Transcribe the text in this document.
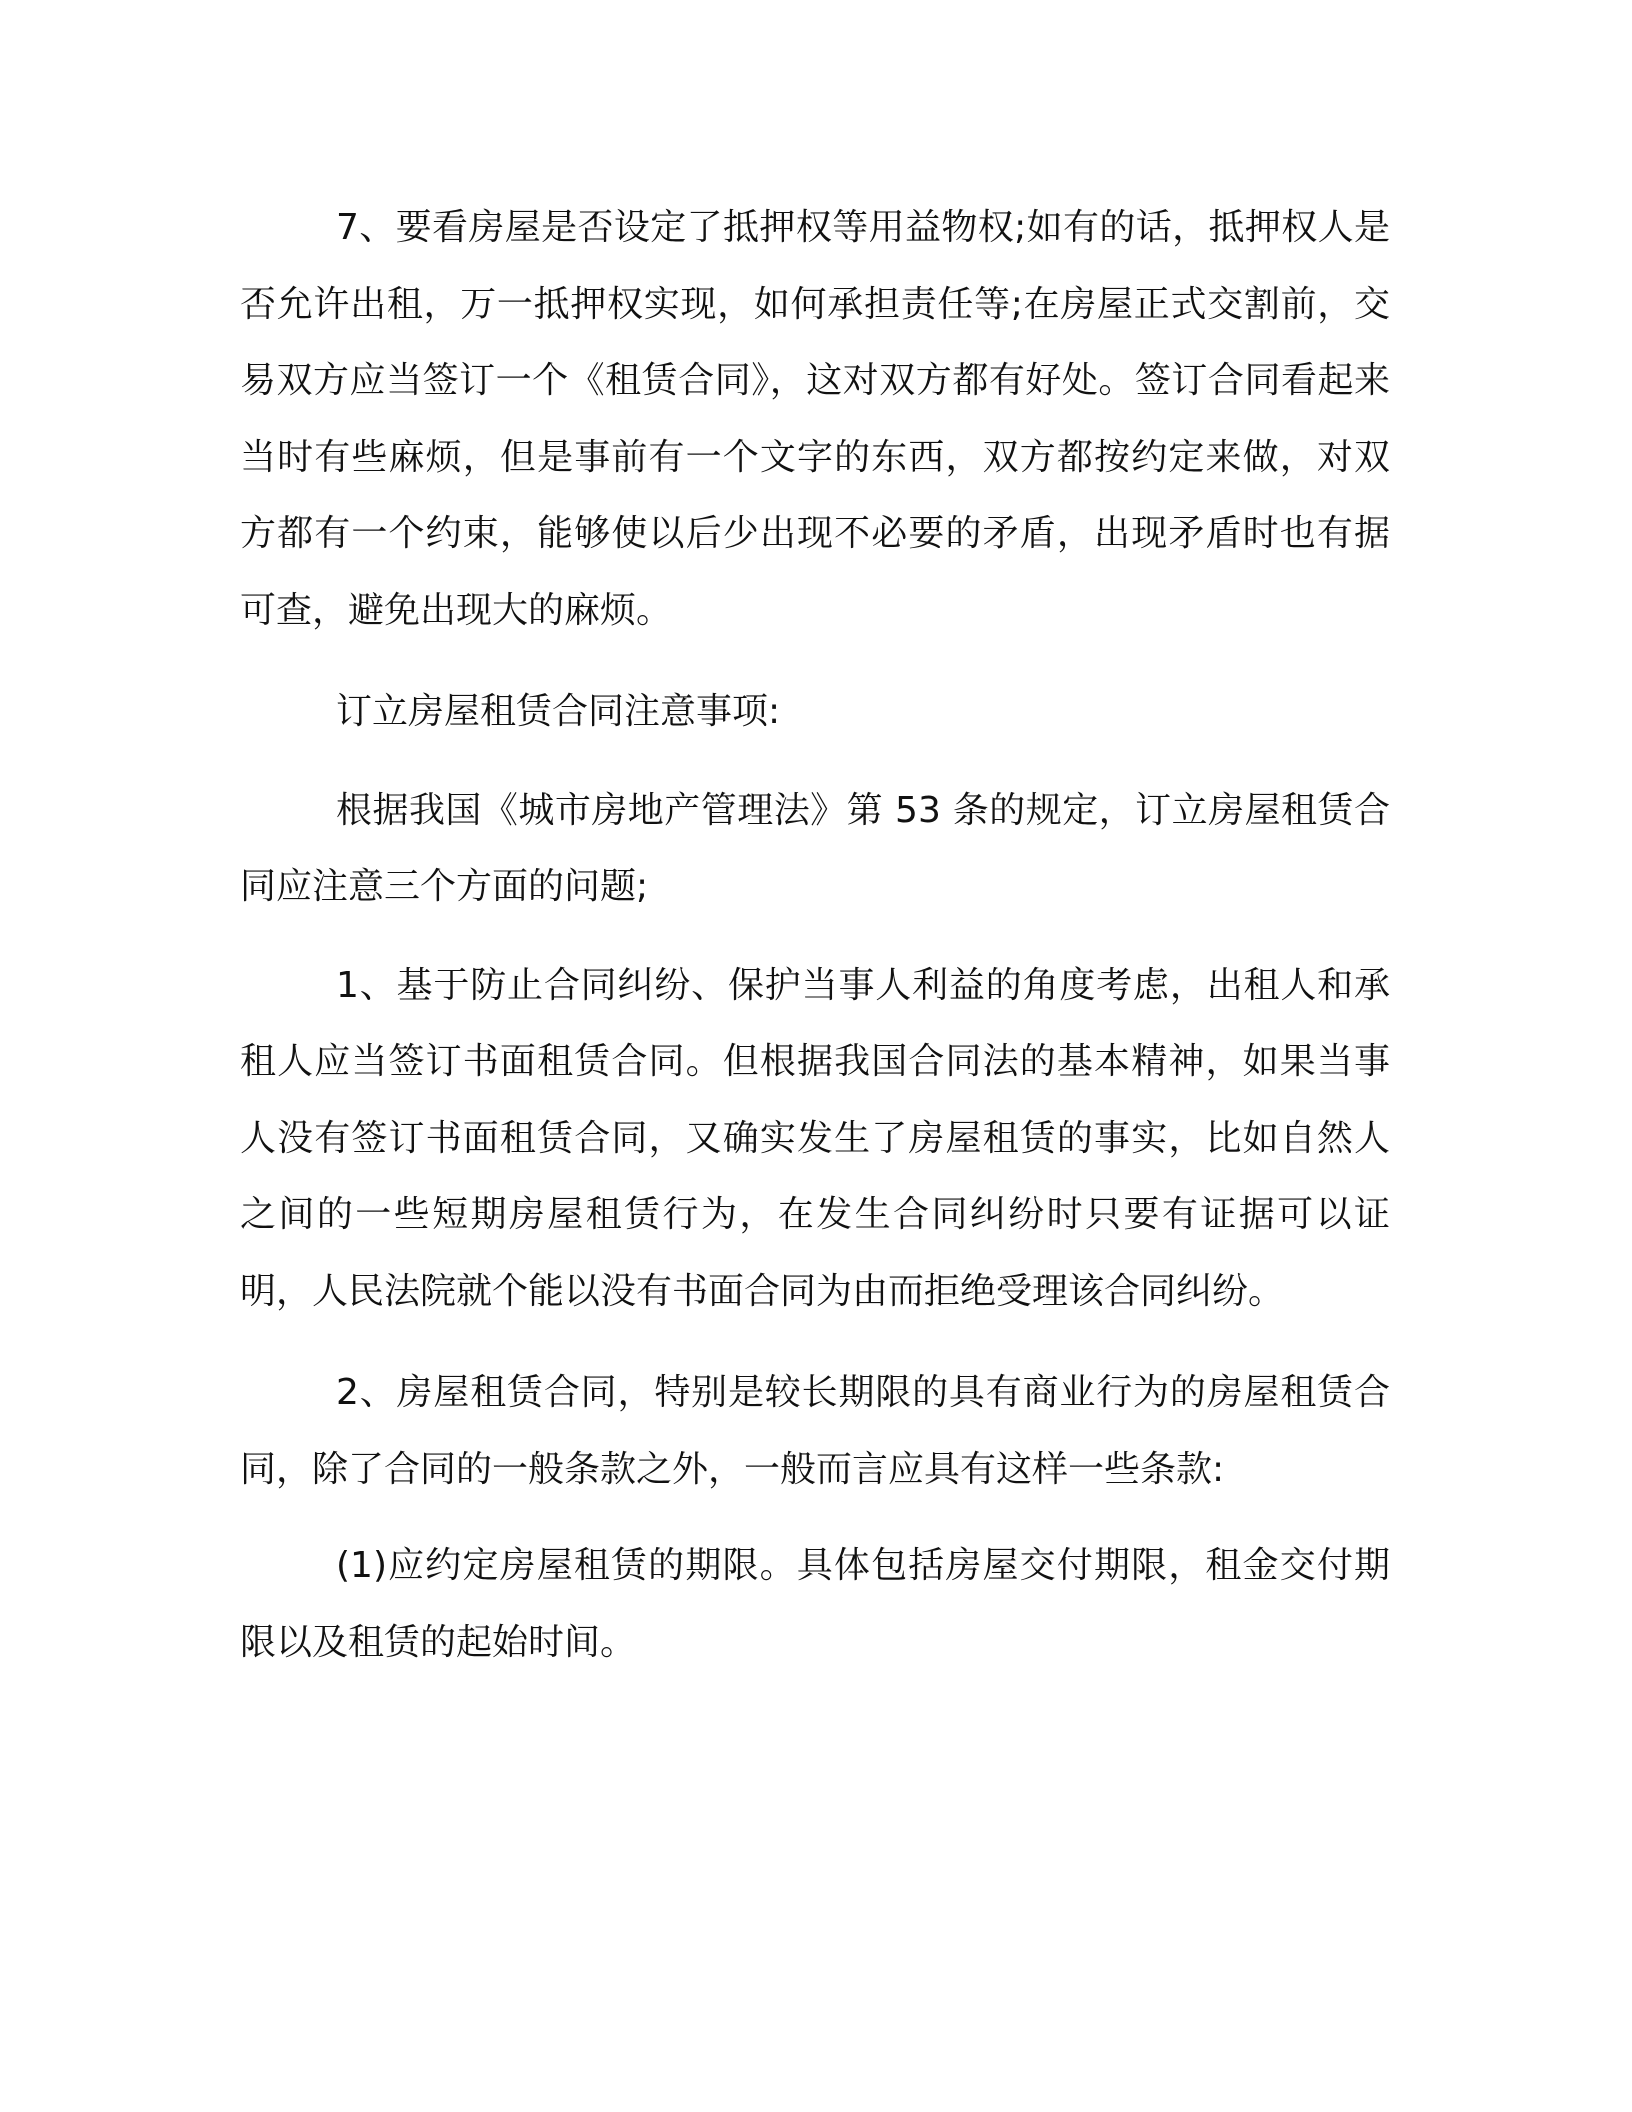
7、要看房屋是否设定了抵押权等用益物权;如有的话，抵押权人是否允许出租，万一抵押权实现，如何承担责任等;在房屋正式交割前，交易双方应当签订一个《租赁合同》，这对双方都有好处。签订合同看起来当时有些麻烦，但是事前有一个文字的东西，双方都按约定来做，对双方都有一个约束，能够使以后少出现不必要的矛盾，出现矛盾时也有据可查，避免出现大的麻烦。

订立房屋租赁合同注意事项:

根据我国《城市房地产管理法》第 53 条的规定，订立房屋租赁合同应注意三个方面的问题;

1、基于防止合同纠纷、保护当事人利益的角度考虑，出租人和承租人应当签订书面租赁合同。但根据我国合同法的基本精神，如果当事人没有签订书面租赁合同，又确实发生了房屋租赁的事实，比如自然人之间的一些短期房屋租赁行为，在发生合同纠纷时只要有证据可以证明，人民法院就个能以没有书面合同为由而拒绝受理该合同纠纷。

2、房屋租赁合同，特别是较长期限的具有商业行为的房屋租赁合同，除了合同的一般条款之外，一般而言应具有这样一些条款:

(1)应约定房屋租赁的期限。具体包括房屋交付期限，租金交付期限以及租赁的起始时间。
